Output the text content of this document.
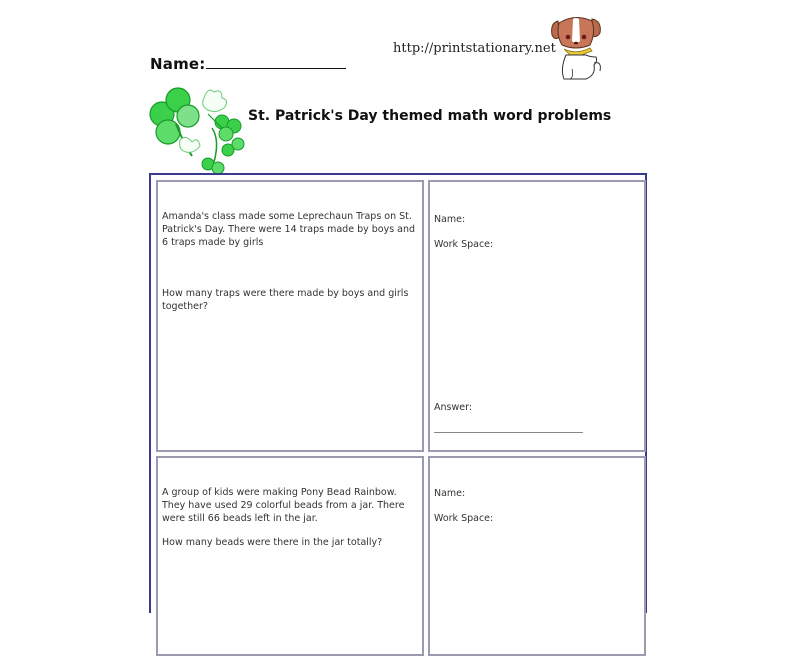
Name:
http://printstationary.net
St. Patrick's Day themed math word problems
Amanda's class made some Leprechaun Traps on St. Patrick's Day. There were 14 traps made by boys and 6 traps made by girls
How many traps were there made by boys and girls together?
Name:
Work Space:
Answer:
A group of kids were making Pony Bead Rainbow. They have used 29 colorful beads from a jar. There were still 66 beads left in the jar.
How many beads were there in the jar totally?
Name:
Work Space:
